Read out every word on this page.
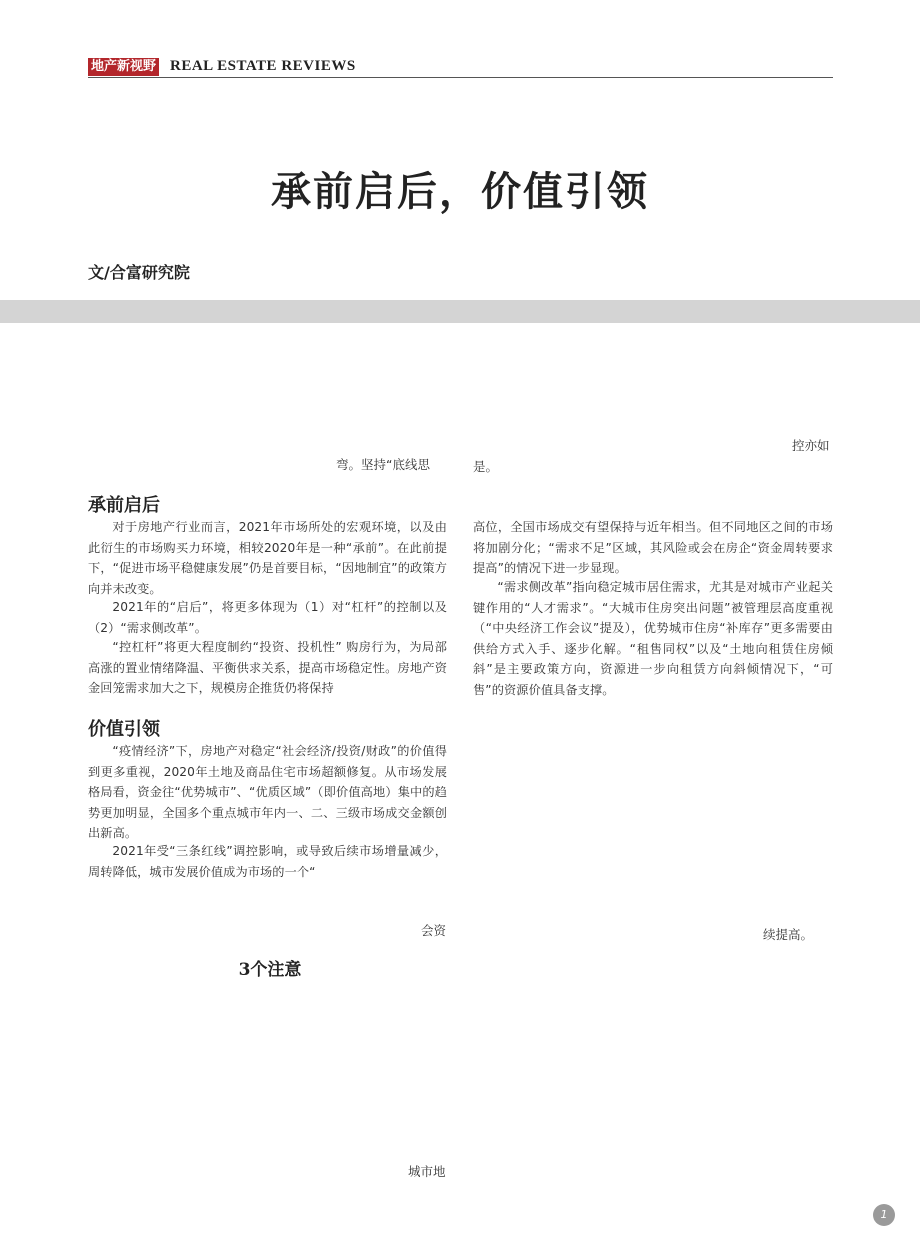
地产新视野 REAL ESTATE REVIEWS
承前启后，价值引领
文/合富研究院
控亦如
弯。坚持“底线思	是。
承前启后

对于房地产行业而言，2021年市场所处的宏观环境，以及由此衍生的市场购买力环境，相较2020年是一种“承前”。在此前提下，“促进市场平稳健康发展”仍是首要目标，“因地制宜”的政策方向并未改变。

2021年的“启后”，将更多体现为（1）对“杠杆”的控制以及（2）“需求侧改革”。

“控杠杆”将更大程度制约“投资、投机性” 购房行为，为局部高涨的置业情绪降温、平衡供求关系，提高市场稳定性。房地产资金回笼需求加大之下，规模房企推货仍将保持

价值引领

“疫情经济”下，房地产对稳定“社会经济/投资/财政”的价值得到更多重视，2020年土地及商品住宅市场超额修复。从市场发展格局看，资金往“优势城市”、“优质区域”（即价值高地）集中的趋势更加明显，全国多个重点城市年内一、二、三级市场成交金额创出新高。

2021年受“三条红线”调控影响，或导致后续市场增量减少，周转降低，城市发展价值成为市场的一个“

高位，全国市场成交有望保持与近年相当。但不同地区之间的市场将加剧分化；“需求不足”区域，其风险或会在房企“资金周转要求提高”的情况下进一步显现。

“需求侧改革”指向稳定城市居住需求，尤其是对城市产业起关键作用的“人才需求”。“大城市住房突出问题”被管理层高度重视（“中央经济工作会议”提及），优势城市住房“补库存”更多需要由供给方式入手、逐步化解。“租售同权”以及“土地向租赁住房倾斜”是主要政策方向，资源进一步向租赁方向斜倾情况下，“可售”的资源价值具备支撑。

会资	续提高。
3个注意
城市地
1
